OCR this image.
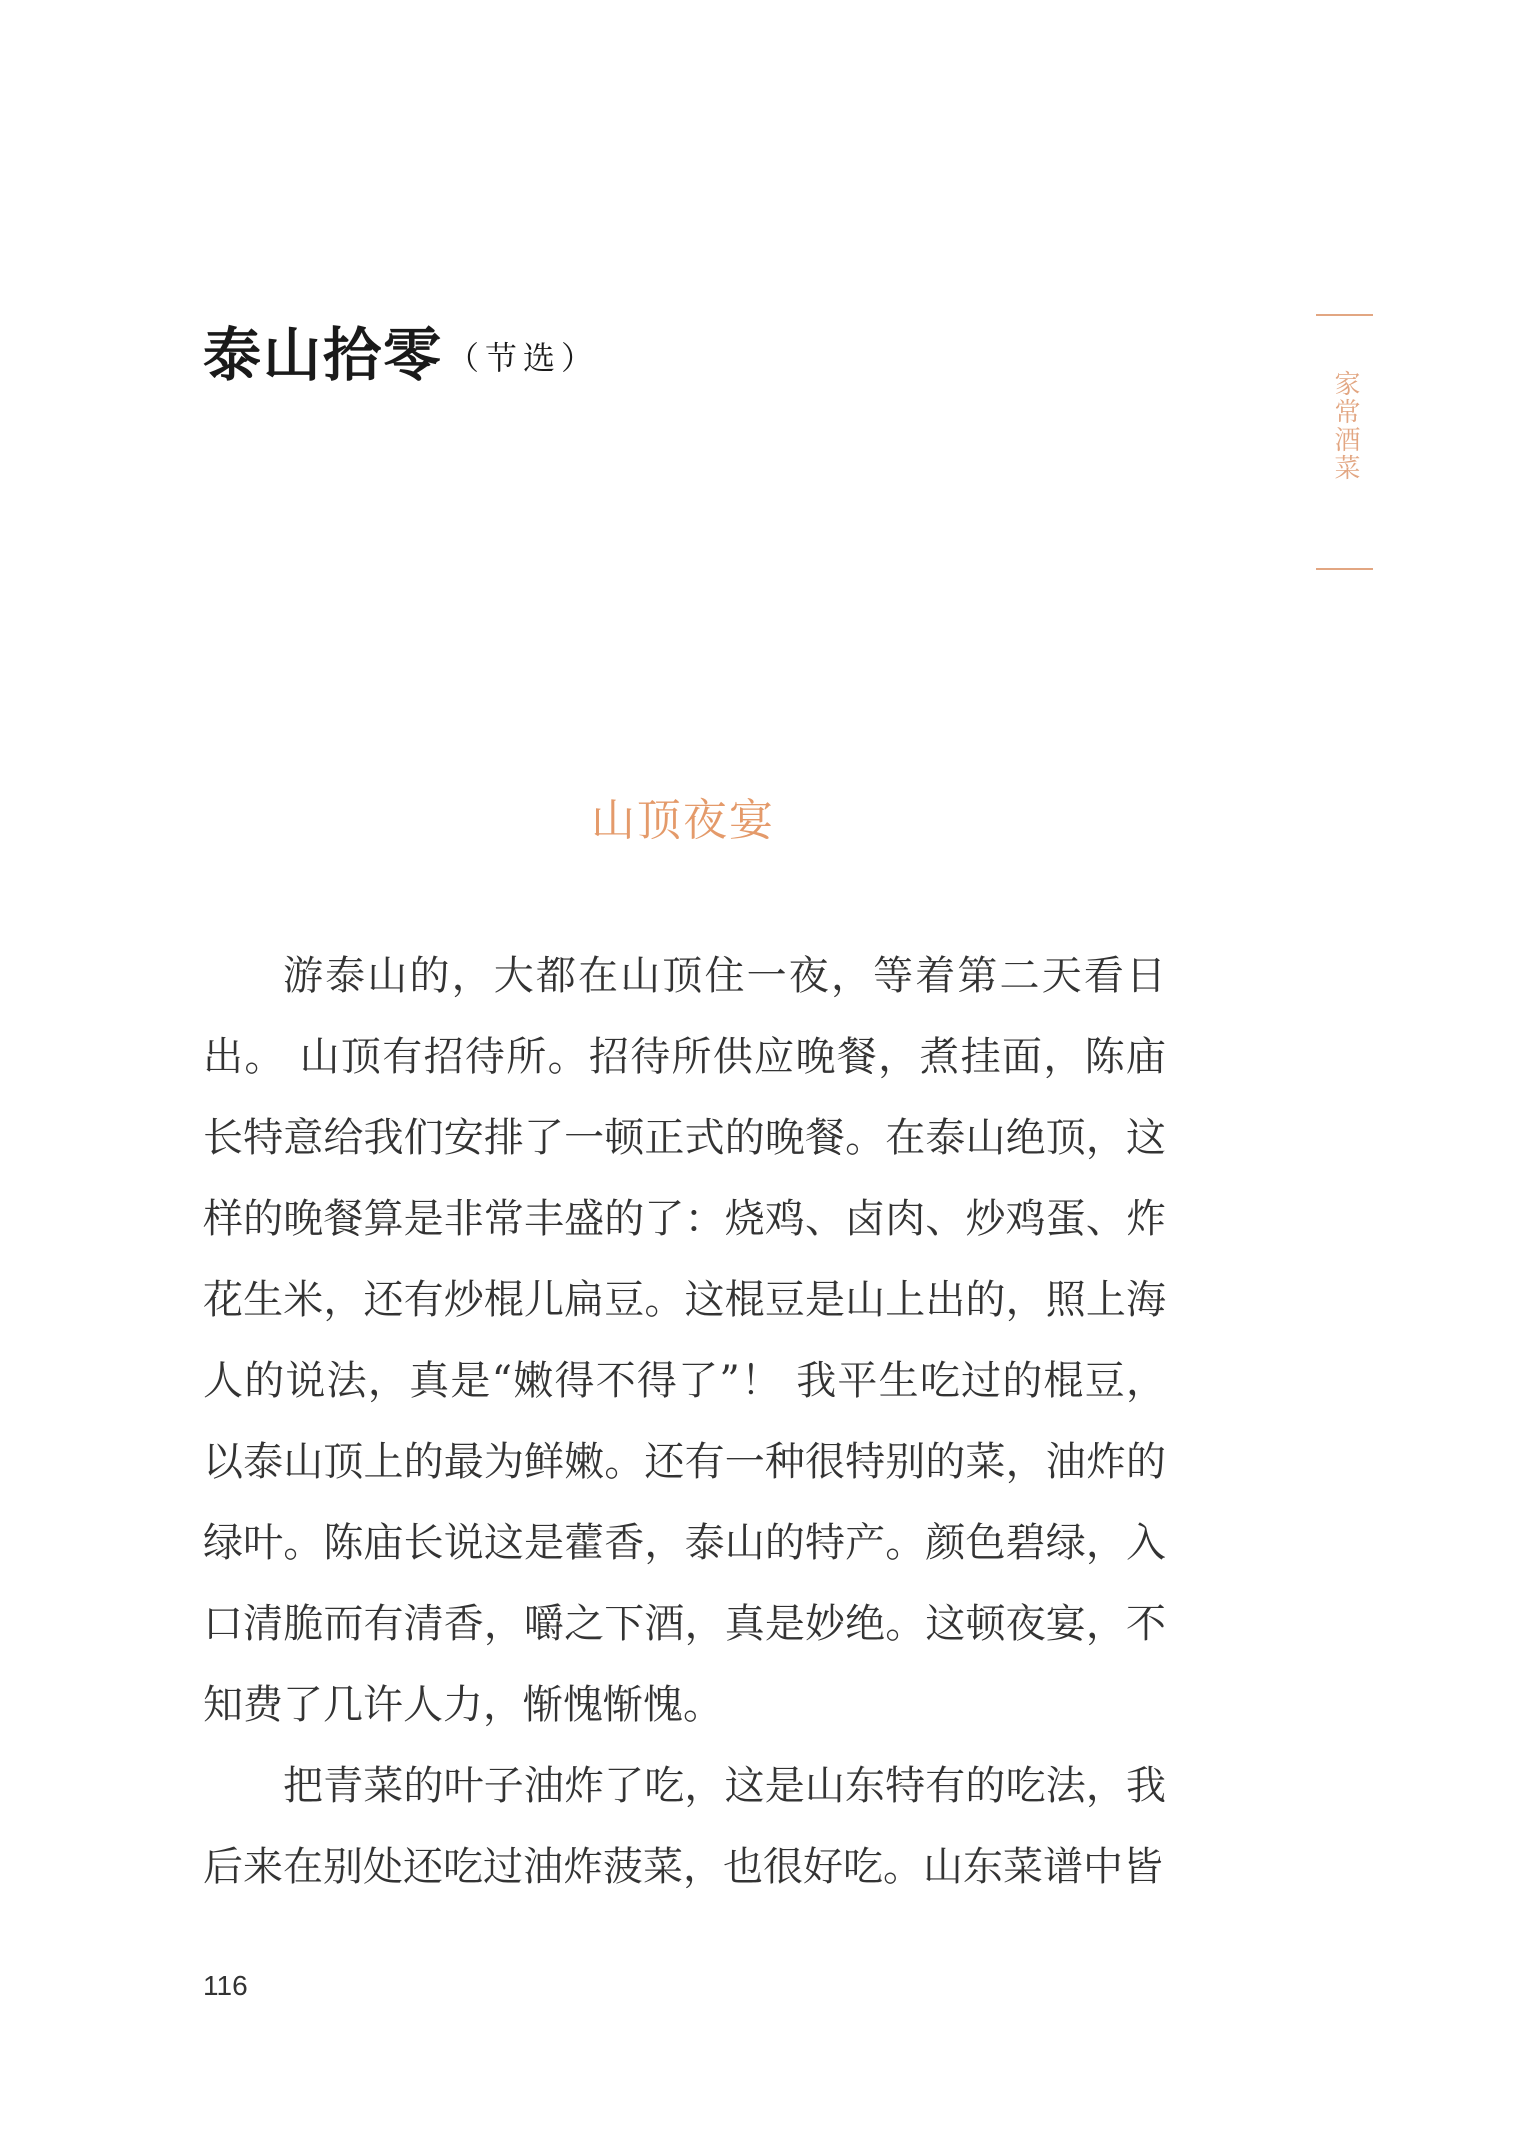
泰山拾零 （节选）
家常酒菜
山顶夜宴

游泰山的，大都在山顶住一夜，等着第二天看日出。 山顶有招待所。招待所供应晚餐，煮挂面，陈庙长特意给我们安排了一顿正式的晚餐。在泰山绝顶，这样的晚餐算是非常丰盛的了：烧鸡、卤肉、炒鸡蛋、炸花生米，还有炒棍儿扁豆。这棍豆是山上出的，照上海人的说法，真是“嫩得不得了”！ 我平生吃过的棍豆，以泰山顶上的最为鲜嫩。还有一种很特别的菜，油炸的绿叶。陈庙长说这是藿香，泰山的特产。颜色碧绿，入口清脆而有清香，嚼之下酒，真是妙绝。这顿夜宴，不知费了几许人力，惭愧惭愧。

把青菜的叶子油炸了吃，这是山东特有的吃法，我后来在别处还吃过油炸菠菜，也很好吃。山东菜谱中皆

116
